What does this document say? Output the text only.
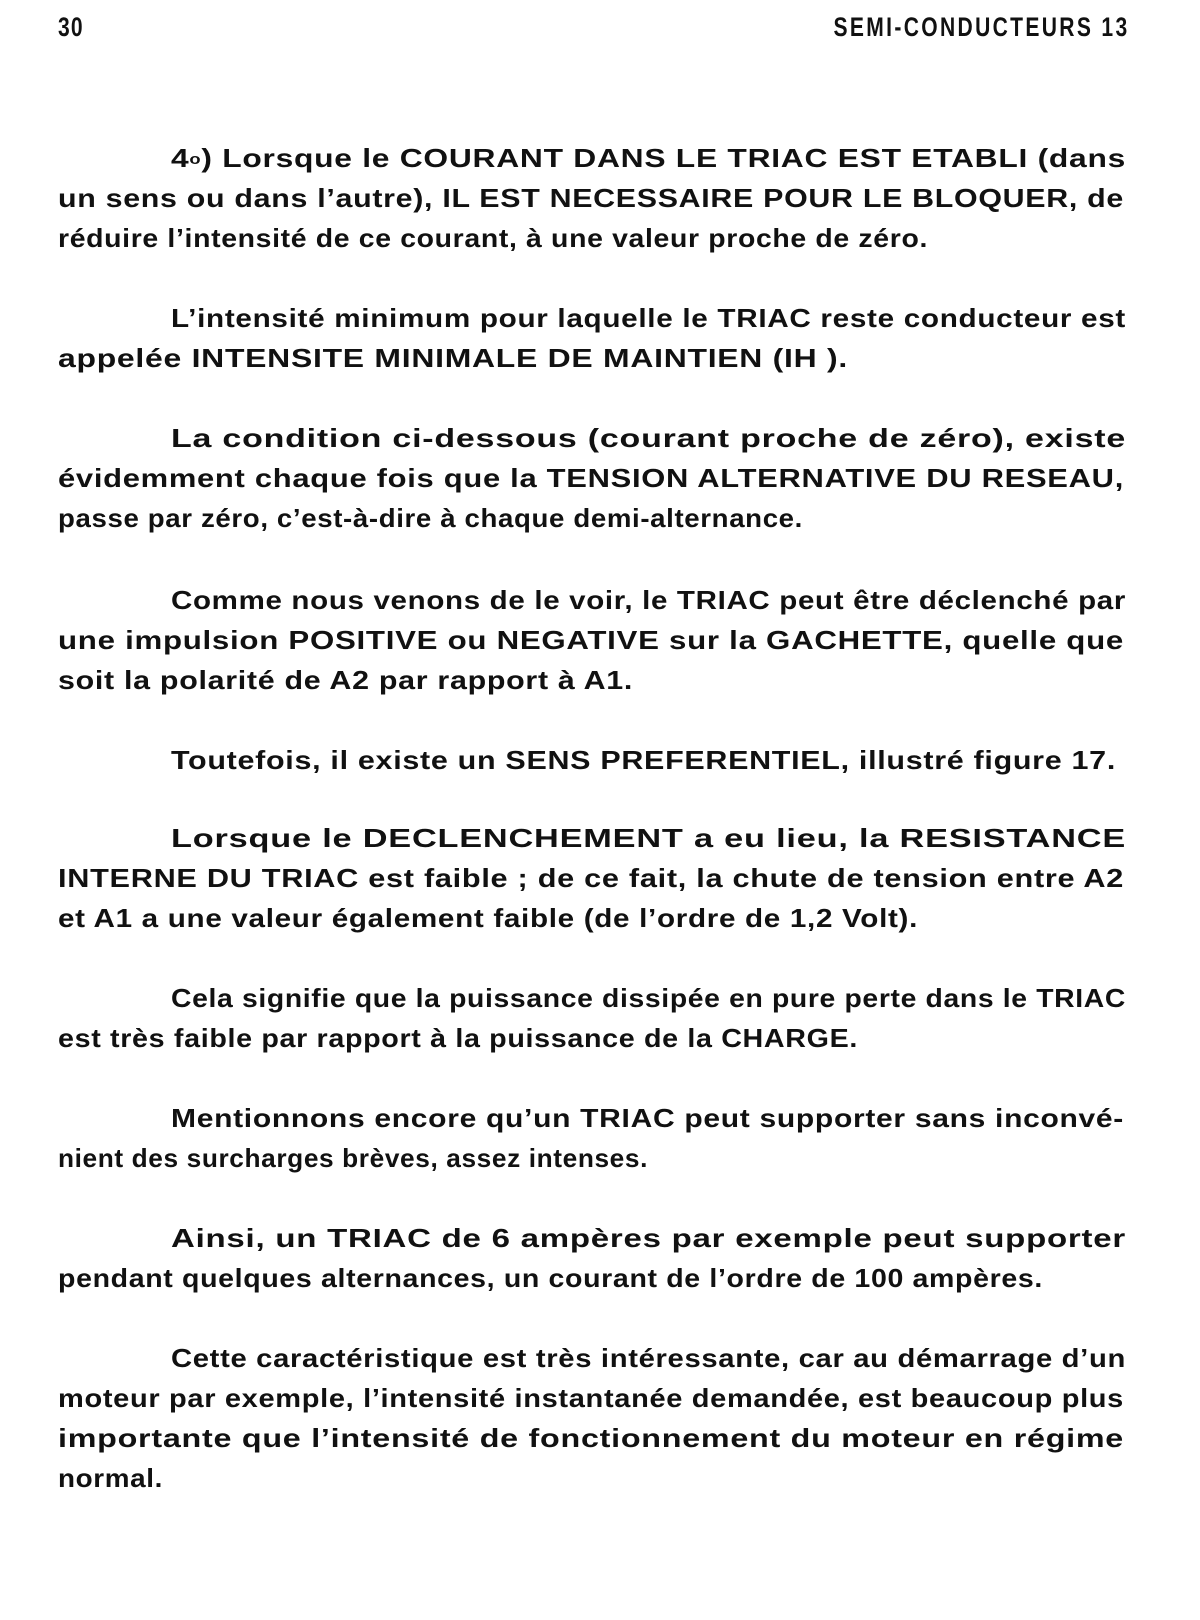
30	SEMI-CONDUCTEURS 13
4$^o$) Lorsque le COURANT DANS LE TRIAC EST ETABLI (dans
un sens ou dans l’autre), IL EST NECESSAIRE POUR LE BLOQUER, de
réduire l’intensité de ce courant, à une valeur proche de zéro.
L’intensité minimum pour laquelle le TRIAC reste conducteur est
appelée INTENSITE MINIMALE DE MAINTIEN (IH ).
La condition ci-dessous (courant proche de zéro), existe
évidemment chaque fois que la TENSION ALTERNATIVE DU RESEAU,
passe par zéro, c’est-à-dire à chaque demi-alternance.
Comme nous venons de le voir, le TRIAC peut être déclenché par
une impulsion POSITIVE ou NEGATIVE sur la GACHETTE, quelle que
soit la polarité de A2 par rapport à A1.
Toutefois, il existe un SENS PREFERENTIEL, illustré figure 17.
Lorsque le DECLENCHEMENT a eu lieu, la RESISTANCE
INTERNE DU TRIAC est faible ; de ce fait, la chute de tension entre A2
et A1 a une valeur également faible (de l’ordre de 1,2 Volt).
Cela signifie que la puissance dissipée en pure perte dans le TRIAC
est très faible par rapport à la puissance de la CHARGE.
Mentionnons encore qu’un TRIAC peut supporter sans inconvé-
nient des surcharges brèves, assez intenses.
Ainsi, un TRIAC de 6 ampères par exemple peut supporter
pendant quelques alternances, un courant de l’ordre de 100 ampères.
Cette caractéristique est très intéressante, car au démarrage d’un
moteur par exemple, l’intensité instantanée demandée, est beaucoup plus
importante que l’intensité de fonctionnement du moteur en régime
normal.
